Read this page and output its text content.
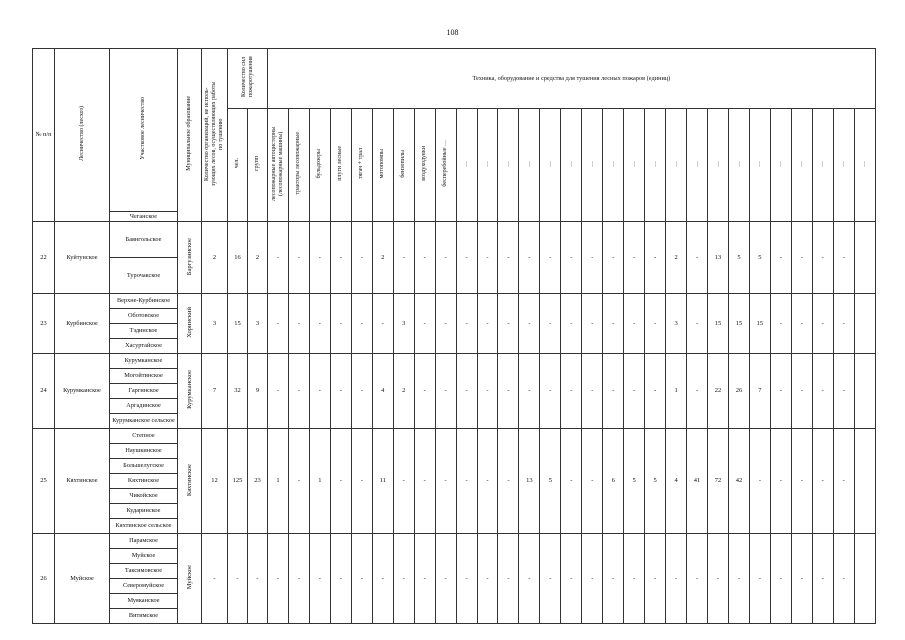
108
№ п/п	Лесничество (лесхоз)	Участковое лесничество	Муниципальное образование	Количество организаций, не использующих лесов, осуществляющих работы по тушению	Количество сил пожаротушения		Техника, оборудование и средства для тушения лесных пожаров (единиц)																												
					чел.	групп	лесопожарные автоцистерны (лесопожарные машины)	тракторы лесопожарные	бульдозеры	плуги лесные	тягач + трал	мотопомпы	бензопилы	воздуходувки	бесперебойные …	…	…	…	…	…	…	…	…	…	…	…	…	…	…	…	…	…	…	…	…
		Чеганское																																	
22	Куйтунское	Баянгольское	Баргузинское	2	16	2	-	-	-	-	-	2	-	-	-	-	-	-	-	-	-	-	-	-	-	2	-	13	5	5	-	-	-	-	
		Турочакское																																	
23	Курбинское	Верхне-Курбинское	Хоринский	3	15	3	-	-	-	-	-	-	3	-	-	-	-	-	-	-	-	-	-	-	-	3	-	15	15	15	-	-	-	-	
		Оботовское																																	
		Тэдинское																																	
		Хасуртайское																																	
24	Курумканское	Курумканское	Курумканское	7	32	9	-	-	-	-	-	4	2	-	-	-	-	-	-	-	-	-	-	-	-	1	-	22	26	7	-	-	-	-	
		Могойтинское																																	
		Гаргинское																																	
		Аргадинское																																	
		Курумканское сельское																																	
25	Кяхтинское	Степное	Кяхтинское	12	125	23	1	-	1	-	-	11	-	-	-	-	-	-	13	5	-	-	6	5	5	4	41	72	42	-	-	-	-	-	
		Наушкинское																																	
		Большелугское																																	
		Кяхтинское																																	
		Чикойское																																	
		Кударинское																																	
		Кяхтинское сельское																																	
26	Муйское	Парамское	Муйское	-	-	-	-	-	-	-	-	-	-	-	-	-	-	-	-	-	-	-	-	-	-	-	-	-	-	-	-	-	-	-	
		Муйское																																	
		Таксимовское																																	
		Северомуйское																																	
		Муяканское																																	
		Витимское																																	
